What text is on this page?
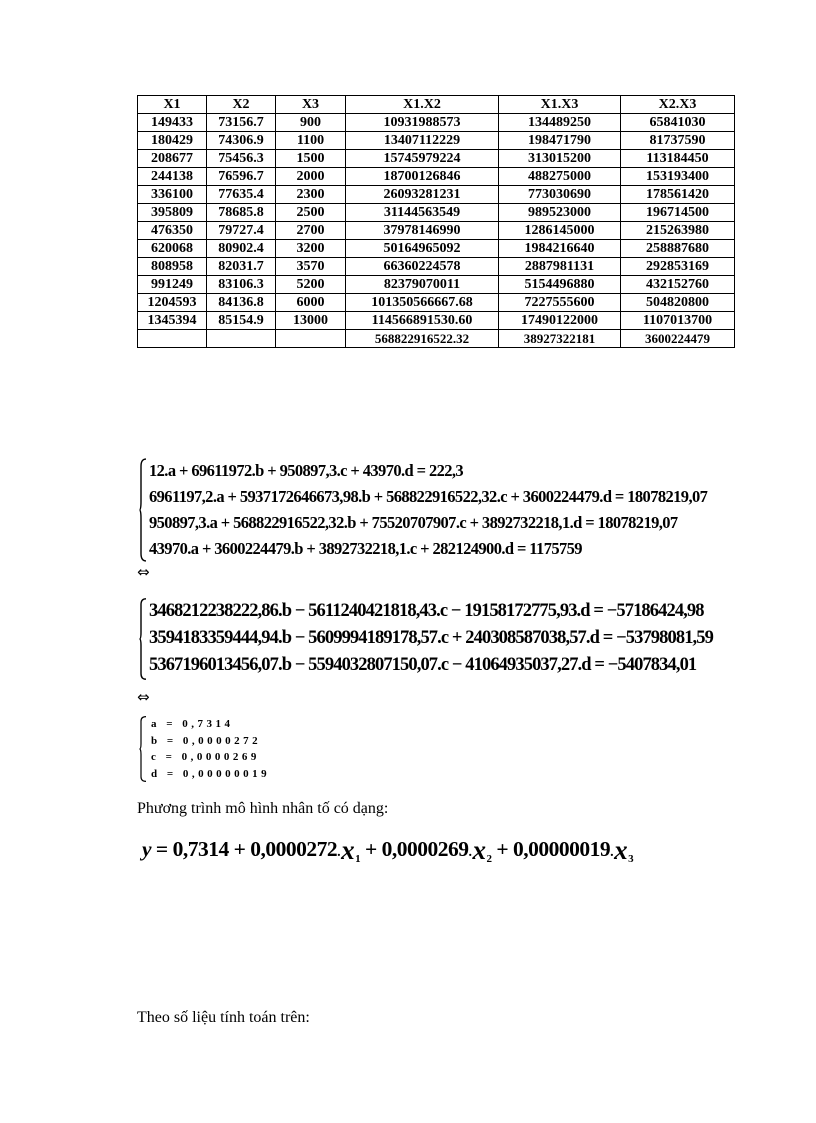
X1	X2	X3	X1.X2	X1.X3	X2.X3
149433	73156.7	900	10931988573	134489250	65841030
180429	74306.9	1100	13407112229	198471790	81737590
208677	75456.3	1500	15745979224	313015200	113184450
244138	76596.7	2000	18700126846	488275000	153193400
336100	77635.4	2300	26093281231	773030690	178561420
395809	78685.8	2500	31144563549	989523000	196714500
476350	79727.4	2700	37978146990	1286145000	215263980
620068	80902.4	3200	50164965092	1984216640	258887680
808958	82031.7	3570	66360224578	2887981131	292853169
991249	83106.3	5200	82379070011	5154496880	432152760
1204593	84136.8	6000	101350566667.68	7227555600	504820800
1345394	85154.9	13000	114566891530.60	17490122000	1107013700
			568822916522.32	38927322181	3600224479
12.a + 69611972.b + 950897,3.c + 43970.d = 222,3
6961197,2.a + 5937172646673,98.b + 568822916522,32.c + 3600224479.d = 18078219,07
950897,3.a + 568822916522,32.b + 75520707907.c + 3892732218,1.d = 18078219,07
43970.a + 3600224479.b + 3892732218,1.c + 282124900.d = 1175759
⇔
3468212238222,86.b − 5611240421818,43.c − 19158172775,93.d = −57186424,98
3594183359444,94.b − 5609994189178,57.c + 240308587038,57.d = −53798081,59
5367196013456,07.b − 5594032807150,07.c − 41064935037,27.d = −5407834,01
⇔
a = 0,7314
b = 0,0000272
c = 0,0000269
d = 0,00000019
Phương trình mô hình nhân tố có dạng:
$y = 0,7314 + 0,0000272.x_1 + 0,0000269.x_2 + 0,00000019.x_3$
Theo số liệu tính toán trên:
